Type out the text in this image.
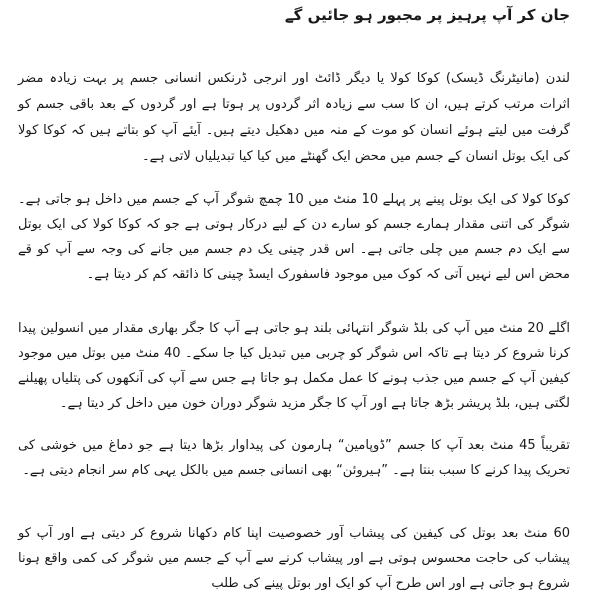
جان کر آپ پرہیز پر مجبور ہو جائیں گے

لندن (مانیٹرنگ ڈیسک) کوکا کولا یا دیگر ڈائٹ اور انرجی ڈرنکس انسانی جسم پر بہت زیادہ مضر اثرات مرتب کرتے ہیں، ان کا سب سے زیادہ اثر گردوں پر ہوتا ہے اور گردوں کے بعد باقی جسم کو گرفت میں لیتے ہوئے انسان کو موت کے منہ میں دھکیل دیتے ہیں۔ آیئے آپ کو بتاتے ہیں کہ کوکا کولا کی ایک بوتل انسان کے جسم میں محض ایک گھنٹے میں کیا کیا تبدیلیاں لاتی ہے۔

کوکا کولا کی ایک بوتل پینے پر پہلے 10 منٹ میں 10 چمچ شوگر آپ کے جسم میں داخل ہو جاتی ہے۔ شوگر کی اتنی مقدار ہمارے جسم کو سارے دن کے لیے درکار ہوتی ہے جو کہ کوکا کولا کی ایک بوتل سے ایک دم جسم میں چلی جاتی ہے۔ اس قدر چینی یک دم جسم میں جانے کی وجہ سے آپ کو قے محض اس لیے نہیں آتی کہ کوک میں موجود فاسفورک ایسڈ چینی کا ذائقہ کم کر دیتا ہے۔

اگلے 20 منٹ میں آپ کی بلڈ شوگر انتہائی بلند ہو جاتی ہے آپ کا جگر بھاری مقدار میں انسولین پیدا کرنا شروع کر دیتا ہے تاکہ اس شوگر کو چربی میں تبدیل کیا جا سکے۔ 40 منٹ میں بوتل میں موجود کیفین آپ کے جسم میں جذب ہونے کا عمل مکمل ہو جاتا ہے جس سے آپ کی آنکھوں کی پتلیاں پھیلنے لگتی ہیں، بلڈ پریشر بڑھ جاتا ہے اور آپ کا جگر مزید شوگر دوران خون میں داخل کر دیتا ہے۔

تقریباً 45 منٹ بعد آپ کا جسم ”ڈوپامین“ ہارمون کی پیداوار بڑھا دیتا ہے جو دماغ میں خوشی کی تحریک پیدا کرنے کا سبب بنتا ہے۔ ”ہیروئن“ بھی انسانی جسم میں بالکل یہی کام سر انجام دیتی ہے۔

60 منٹ بعد بوتل کی کیفین کی پیشاب آور خصوصیت اپنا کام دکھانا شروع کر دیتی ہے اور آپ کو پیشاب کی حاجت محسوس ہوتی ہے اور پیشاب کرنے سے آپ کے جسم میں شوگر کی کمی واقع ہونا شروع ہو جاتی ہے اور اس طرح آپ کو ایک اور بوتل پینے کی طلب
